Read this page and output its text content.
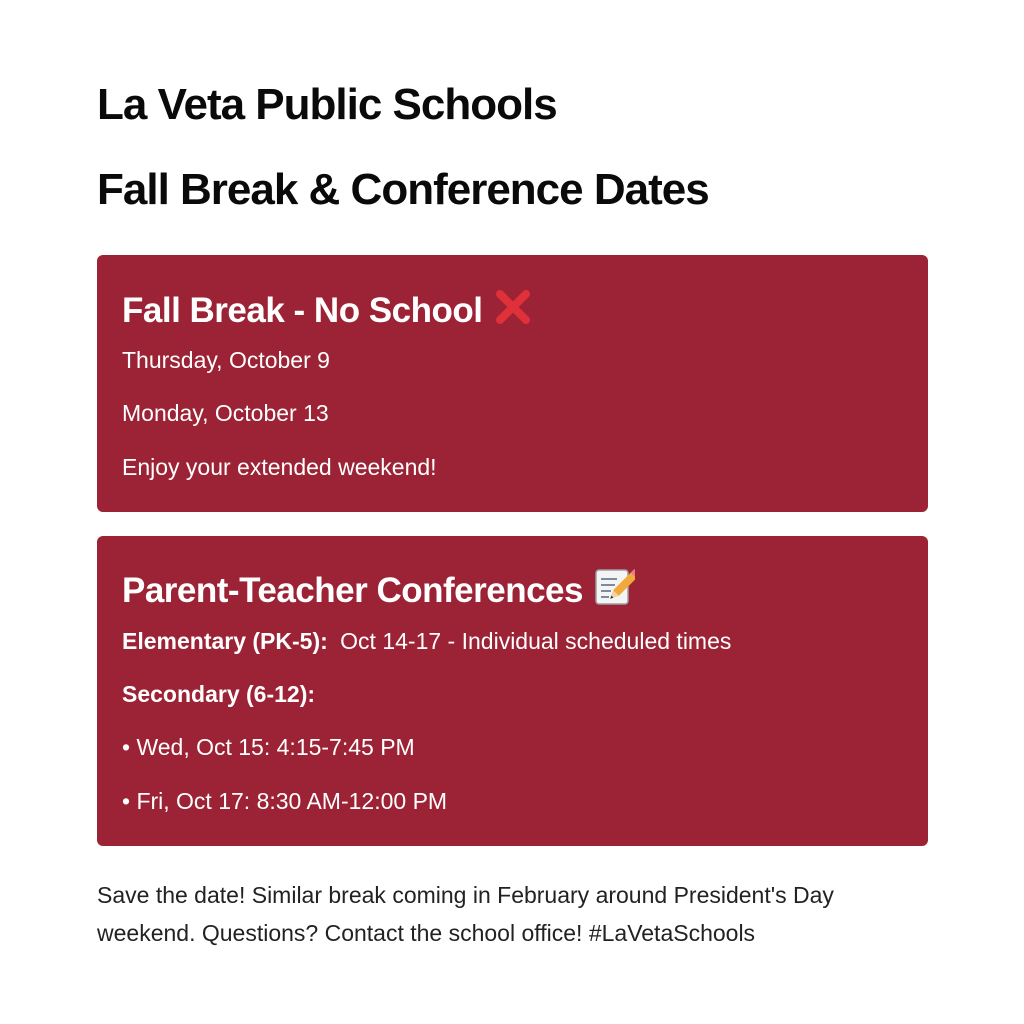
La Veta Public Schools
Fall Break & Conference Dates
Fall Break - No School
Thursday, October 9
Monday, October 13
Enjoy your extended weekend!
Parent-Teacher Conferences
Elementary (PK-5): Oct 14-17 - Individual scheduled times
Secondary (6-12):
• Wed, Oct 15: 4:15-7:45 PM
• Fri, Oct 17: 8:30 AM-12:00 PM

Save the date! Similar break coming in February around President's Day weekend. Questions? Contact the school office! #LaVetaSchools
